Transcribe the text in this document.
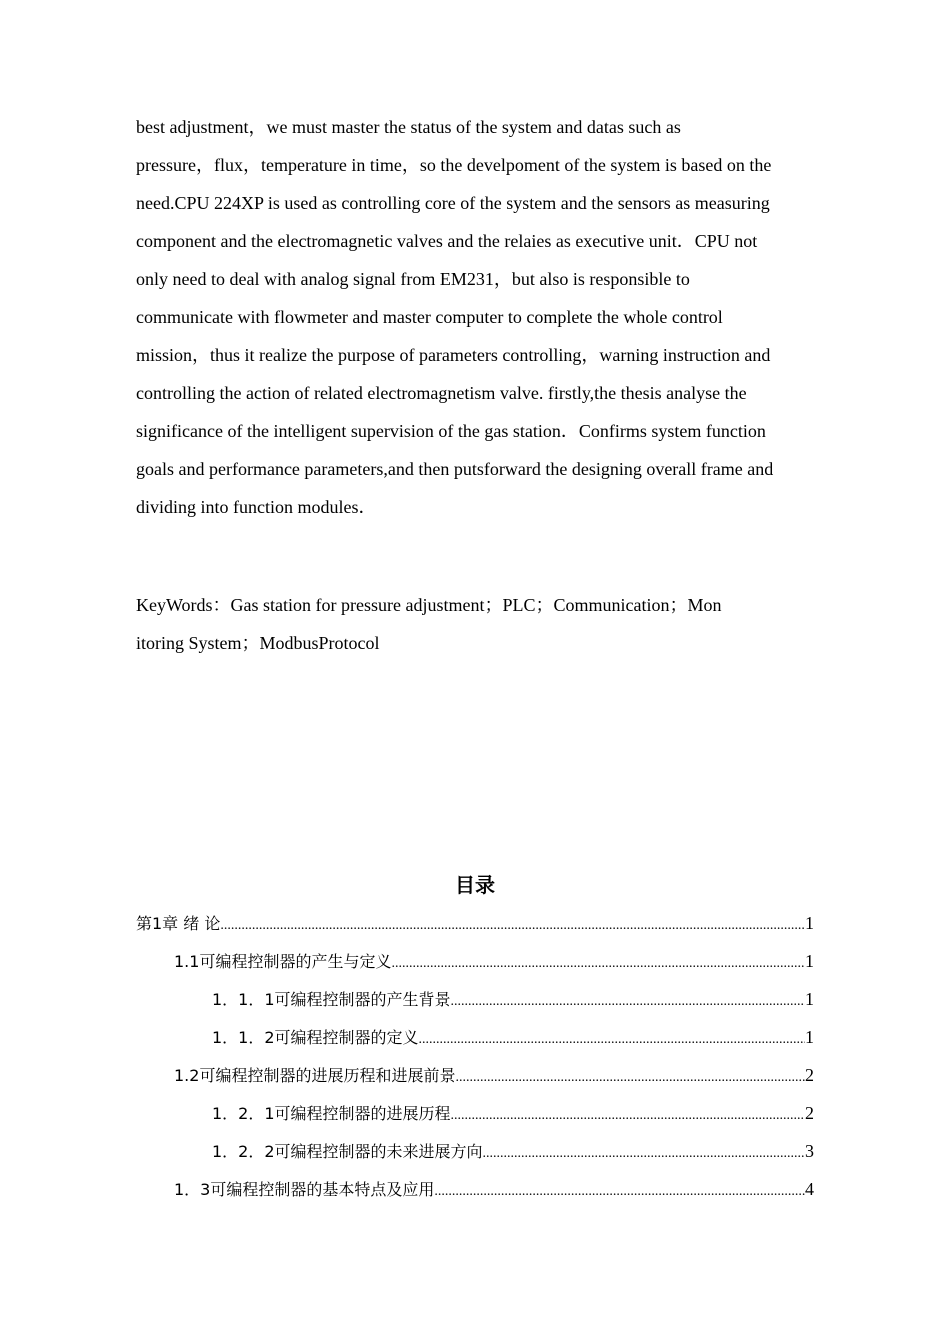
best adjustment，we must master the status of the system and datas such as
pressure，flux，temperature in time，so the develpoment of the system is based on the
need.CPU 224XP is used as controlling core of the system and the sensors as measuring
component and the electromagnetic valves and the relaies as executive unit．CPU not
only need to deal with analog signal from EM231，but also is responsible to
communicate with flowmeter and master computer to complete the whole control
mission，thus it realize the purpose of parameters controlling，warning instruction and
controlling the action of related electromagnetism valve. firstly,the thesis analyse the
significance of the intelligent supervision of the gas station．Confirms system function
goals and performance parameters,and then putsforward the designing overall frame and
dividing into function modules．
KeyWords：Gas station for pressure adjustment；PLC；Communication；Mon
itoring System；ModbusProtocol
目录
第1章 绪 论 .....	1
1.1可编程控制器的产生与定义 .....	1
1．1．1可编程控制器的产生背景 .....	1
1．1．2可编程控制器的定义 .....	1
1.2可编程控制器的进展历程和进展前景 .....	2
1．2．1可编程控制器的进展历程 .....	2
1．2．2可编程控制器的未来进展方向 .....	3
1．3可编程控制器的基本特点及应用 .....	4
